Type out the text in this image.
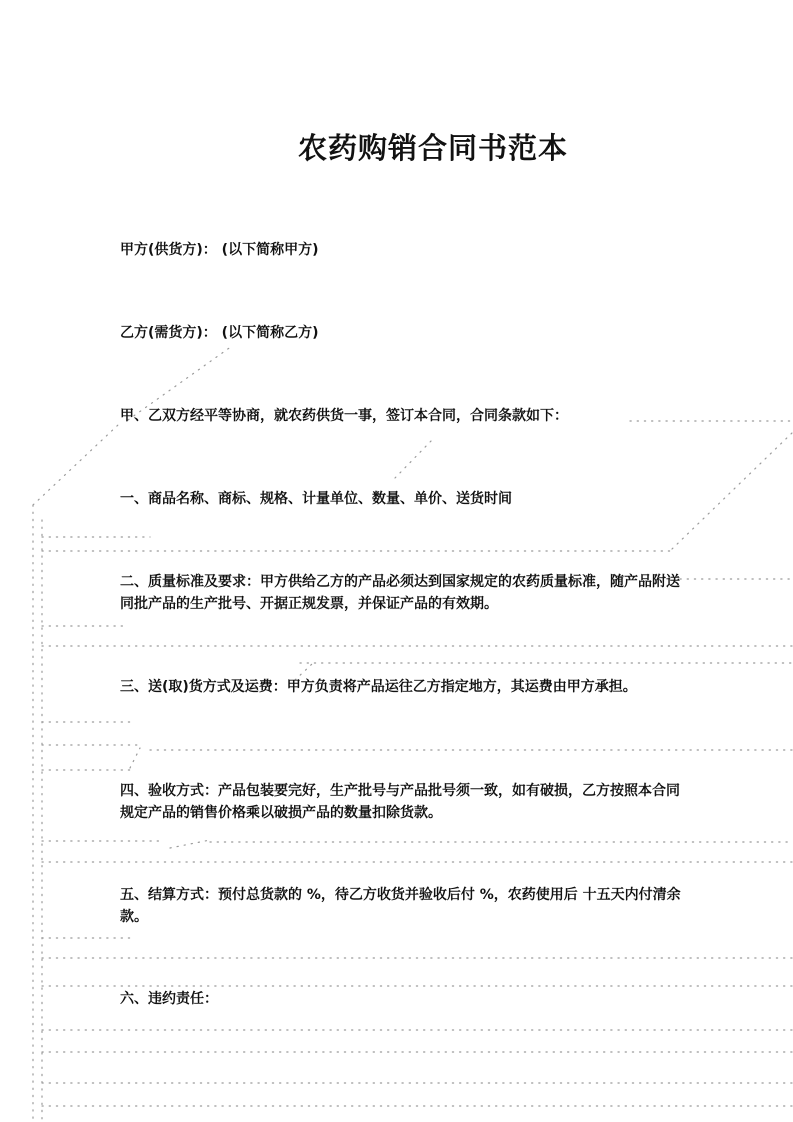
农药购销合同书范本

甲方(供货方)： (以下简称甲方)

乙方(需货方)： (以下简称乙方)

甲、乙双方经平等协商，就农药供货一事，签订本合同，合同条款如下：

一、商品名称、商标、规格、计量单位、数量、单价、送货时间

二、质量标准及要求：甲方供给乙方的产品必须达到国家规定的农药质量标准，随产品附送同批产品的生产批号、开据正规发票，并保证产品的有效期。

三、送(取)货方式及运费：甲方负责将产品运往乙方指定地方，其运费由甲方承担。

四、验收方式：产品包装要完好，生产批号与产品批号须一致，如有破损，乙方按照本合同规定产品的销售价格乘以破损产品的数量扣除货款。

五、结算方式：预付总货款的 %，待乙方收货并验收后付 %，农药使用后 十五天内付清余款。

六、违约责任：
